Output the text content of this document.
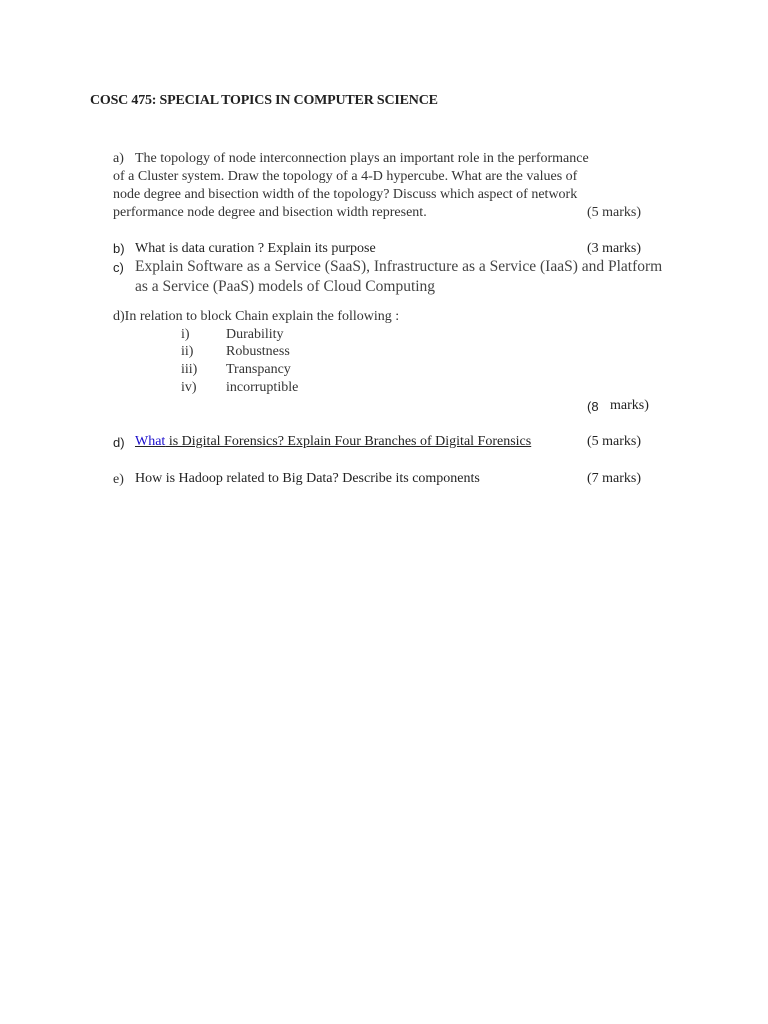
COSC 475: SPECIAL TOPICS IN COMPUTER SCIENCE
a) The topology of node interconnection plays an important role in the performance
of a Cluster system. Draw the topology of a 4-D hypercube. What are the values of
node degree and bisection width of the topology? Discuss which aspect of network
performance node degree and bisection width represent.	(5 marks)
b) What is data curation ? Explain its purpose	(3 marks)
c) Explain Software as a Service (SaaS), Infrastructure as a Service (IaaS) and Platform
as a Service (PaaS) models of Cloud Computing
d)In relation to block Chain explain the following :
i)	Durability
ii) Robustness
iii) Transpancy
iv) incorruptible
(8 marks)
d) What is Digital Forensics? Explain Four Branches of Digital Forensics	(5 marks)
e) How is Hadoop related to Big Data? Describe its components	(7 marks)
